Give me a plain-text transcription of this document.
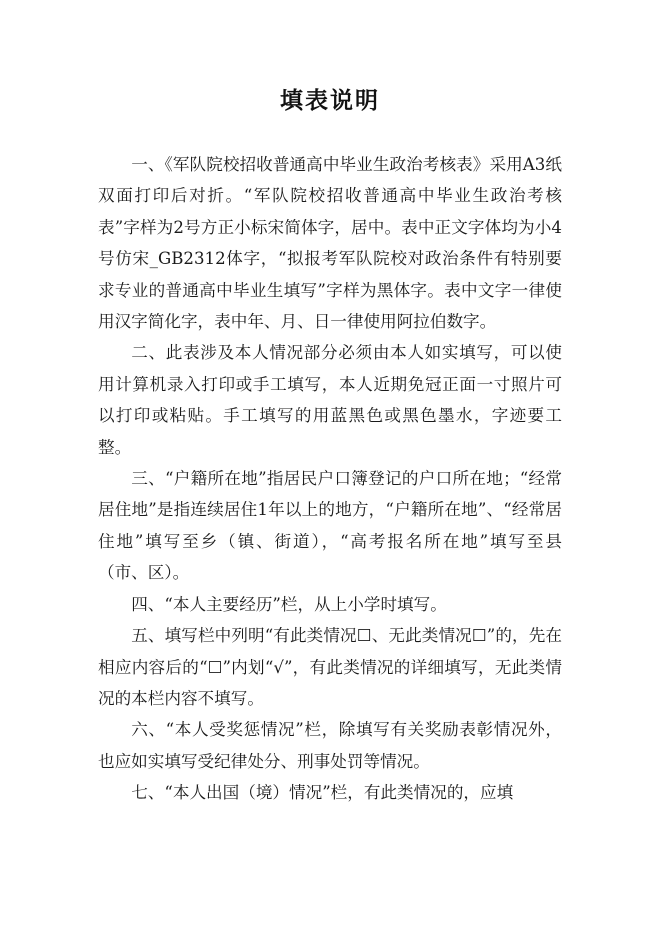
填表说明

一、《军队院校招收普通高中毕业生政治考核表》采用A3纸双面打印后对折。“军队院校招收普通高中毕业生政治考核表”字样为2号方正小标宋简体字，居中。表中正文字体均为小4号仿宋_GB2312体字，“拟报考军队院校对政治条件有特别要求专业的普通高中毕业生填写”字样为黑体字。表中文字一律使用汉字简化字，表中年、月、日一律使用阿拉伯数字。

二、此表涉及本人情况部分必须由本人如实填写，可以使用计算机录入打印或手工填写，本人近期免冠正面一寸照片可以打印或粘贴。手工填写的用蓝黑色或黑色墨水，字迹要工整。

三、“户籍所在地”指居民户口簿登记的户口所在地；“经常居住地”是指连续居住1年以上的地方，“户籍所在地”、“经常居住地”填写至乡（镇、街道），“高考报名所在地”填写至县（市、区）。

四、“本人主要经历”栏，从上小学时填写。

五、填写栏中列明“有此类情况☐、无此类情况☐”的，先在相应内容后的“☐”内划“√”，有此类情况的详细填写，无此类情况的本栏内容不填写。

六、“本人受奖惩情况”栏，除填写有关奖励表彰情况外，也应如实填写受纪律处分、刑事处罚等情况。

七、“本人出国（境）情况”栏，有此类情况的，应填
